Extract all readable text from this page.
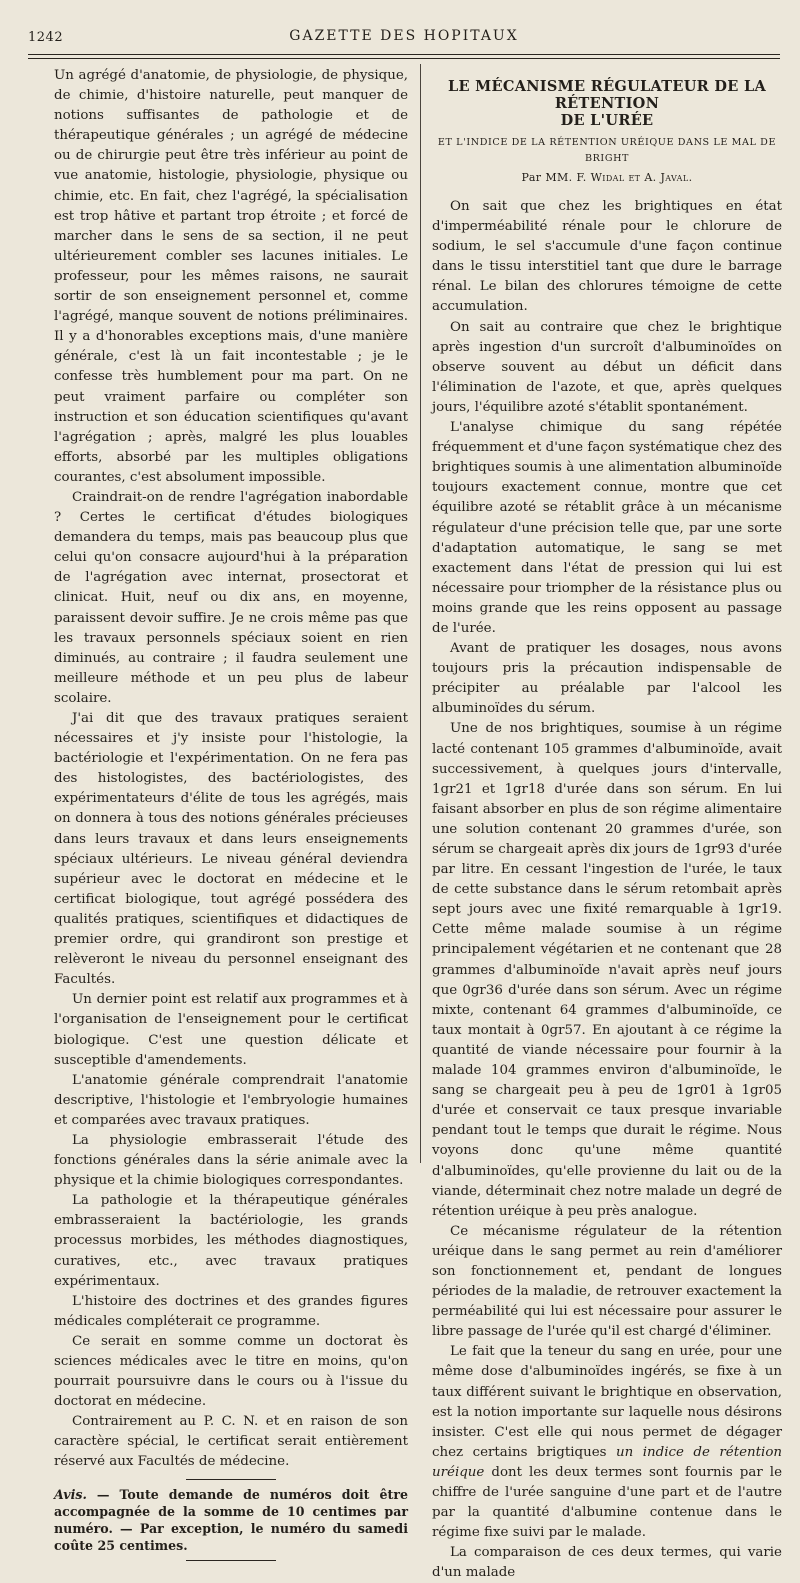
1242	GAZETTE DES HOPITAUX

Un agrégé d'anatomie, de physiologie, de physique, de chimie, d'histoire naturelle, peut manquer de notions suffisantes de pathologie et de thérapeutique générales ; un agrégé de médecine ou de chirurgie peut être très inférieur au point de vue anatomie, histologie, physiologie, physique ou chimie, etc. En fait, chez l'agrégé, la spécialisation est trop hâtive et partant trop étroite ; et forcé de marcher dans le sens de sa section, il ne peut ultérieurement combler ses lacunes initiales. Le professeur, pour les mêmes raisons, ne saurait sortir de son enseignement personnel et, comme l'agrégé, manque souvent de notions préliminaires. Il y a d'honorables exceptions mais, d'une manière générale, c'est là un fait incontestable ; je le confesse très humblement pour ma part. On ne peut vraiment parfaire ou compléter son instruction et son éducation scientifiques qu'avant l'agrégation ; après, malgré les plus louables efforts, absorbé par les multiples obligations courantes, c'est absolument impossible.

Craindrait-on de rendre l'agrégation inabordable ? Certes le certificat d'études biologiques demandera du temps, mais pas beaucoup plus que celui qu'on consacre aujourd'hui à la préparation de l'agrégation avec internat, prosectorat et clinicat. Huit, neuf ou dix ans, en moyenne, paraissent devoir suffire. Je ne crois même pas que les travaux personnels spéciaux soient en rien diminués, au contraire ; il faudra seulement une meilleure méthode et un peu plus de labeur scolaire.

J'ai dit que des travaux pratiques seraient nécessaires et j'y insiste pour l'histologie, la bactériologie et l'expérimentation. On ne fera pas des histologistes, des bactériologistes, des expérimentateurs d'élite de tous les agrégés, mais on donnera à tous des notions générales précieuses dans leurs travaux et dans leurs enseignements spéciaux ultérieurs. Le niveau général deviendra supérieur avec le doctorat en médecine et le certificat biologique, tout agrégé possédera des qualités pratiques, scientifiques et didactiques de premier ordre, qui grandiront son prestige et relèveront le niveau du personnel enseignant des Facultés.

Un dernier point est relatif aux programmes et à l'organisation de l'enseignement pour le certificat biologique. C'est une question délicate et susceptible d'amendements.

L'anatomie générale comprendrait l'anatomie descriptive, l'histologie et l'embryologie humaines et comparées avec travaux pratiques.

La physiologie embrasserait l'étude des fonctions générales dans la série animale avec la physique et la chimie biologiques correspondantes.

La pathologie et la thérapeutique générales embrasseraient la bactériologie, les grands processus morbides, les méthodes diagnostiques, curatives, etc., avec travaux pratiques expérimentaux.

L'histoire des doctrines et des grandes figures médicales compléterait ce programme.

Ce serait en somme comme un doctorat ès sciences médicales avec le titre en moins, qu'on pourrait poursuivre dans le cours ou à l'issue du doctorat en médecine.

Contrairement au P. C. N. et en raison de son caractère spécial, le certificat serait entièrement réservé aux Facultés de médecine.

Avis. — Toute demande de numéros doit être accompagnée de la somme de 10 centimes par numéro. — Par exception, le numéro du samedi coûte 25 centimes.

LE MÉCANISME RÉGULATEUR DE LA RÉTENTION
DE L'URÉE
ET L'INDICE DE LA RÉTENTION URÉIQUE DANS LE MAL DE BRIGHT
Par MM. F. Widal et A. Javal.

On sait que chez les brightiques en état d'imperméabilité rénale pour le chlorure de sodium, le sel s'accumule d'une façon continue dans le tissu interstitiel tant que dure le barrage rénal. Le bilan des chlorures témoigne de cette accumulation.

On sait au contraire que chez le brightique après ingestion d'un surcroît d'albuminoïdes on observe souvent au début un déficit dans l'élimination de l'azote, et que, après quelques jours, l'équilibre azoté s'établit spontanément.

L'analyse chimique du sang répétée fréquemment et d'une façon systématique chez des brightiques soumis à une alimentation albuminoïde toujours exactement connue, montre que cet équilibre azoté se rétablit grâce à un mécanisme régulateur d'une précision telle que, par une sorte d'adaptation automatique, le sang se met exactement dans l'état de pression qui lui est nécessaire pour triompher de la résistance plus ou moins grande que les reins opposent au passage de l'urée.

Avant de pratiquer les dosages, nous avons toujours pris la précaution indispensable de précipiter au préalable par l'alcool les albuminoïdes du sérum.

Une de nos brightiques, soumise à un régime lacté contenant 105 grammes d'albuminoïde, avait successivement, à quelques jours d'intervalle, 1gr21 et 1gr18 d'urée dans son sérum. En lui faisant absorber en plus de son régime alimentaire une solution contenant 20 grammes d'urée, son sérum se chargeait après dix jours de 1gr93 d'urée par litre. En cessant l'ingestion de l'urée, le taux de cette substance dans le sérum retombait après sept jours avec une fixité remarquable à 1gr19. Cette même malade soumise à un régime principalement végétarien et ne contenant que 28 grammes d'albuminoïde n'avait après neuf jours que 0gr36 d'urée dans son sérum. Avec un régime mixte, contenant 64 grammes d'albuminoïde, ce taux montait à 0gr57. En ajoutant à ce régime la quantité de viande nécessaire pour fournir à la malade 104 grammes environ d'albuminoïde, le sang se chargeait peu à peu de 1gr01 à 1gr05 d'urée et conservait ce taux presque invariable pendant tout le temps que durait le régime. Nous voyons donc qu'une même quantité d'albuminoïdes, qu'elle provienne du lait ou de la viande, déterminait chez notre malade un degré de rétention uréique à peu près analogue.

Ce mécanisme régulateur de la rétention uréique dans le sang permet au rein d'améliorer son fonctionnement et, pendant de longues périodes de la maladie, de retrouver exactement la perméabilité qui lui est nécessaire pour assurer le libre passage de l'urée qu'il est chargé d'éliminer.

Le fait que la teneur du sang en urée, pour une même dose d'albuminoïdes ingérés, se fixe à un taux différent suivant le brightique en observation, est la notion importante sur laquelle nous désirons insister. C'est elle qui nous permet de dégager chez certains brigtiques un indice de rétention uréique dont les deux termes sont fournis par le chiffre de l'urée sanguine d'une part et de l'autre par la quantité d'albumine contenue dans le régime fixe suivi par le malade.

La comparaison de ces deux termes, qui varie d'un malade
